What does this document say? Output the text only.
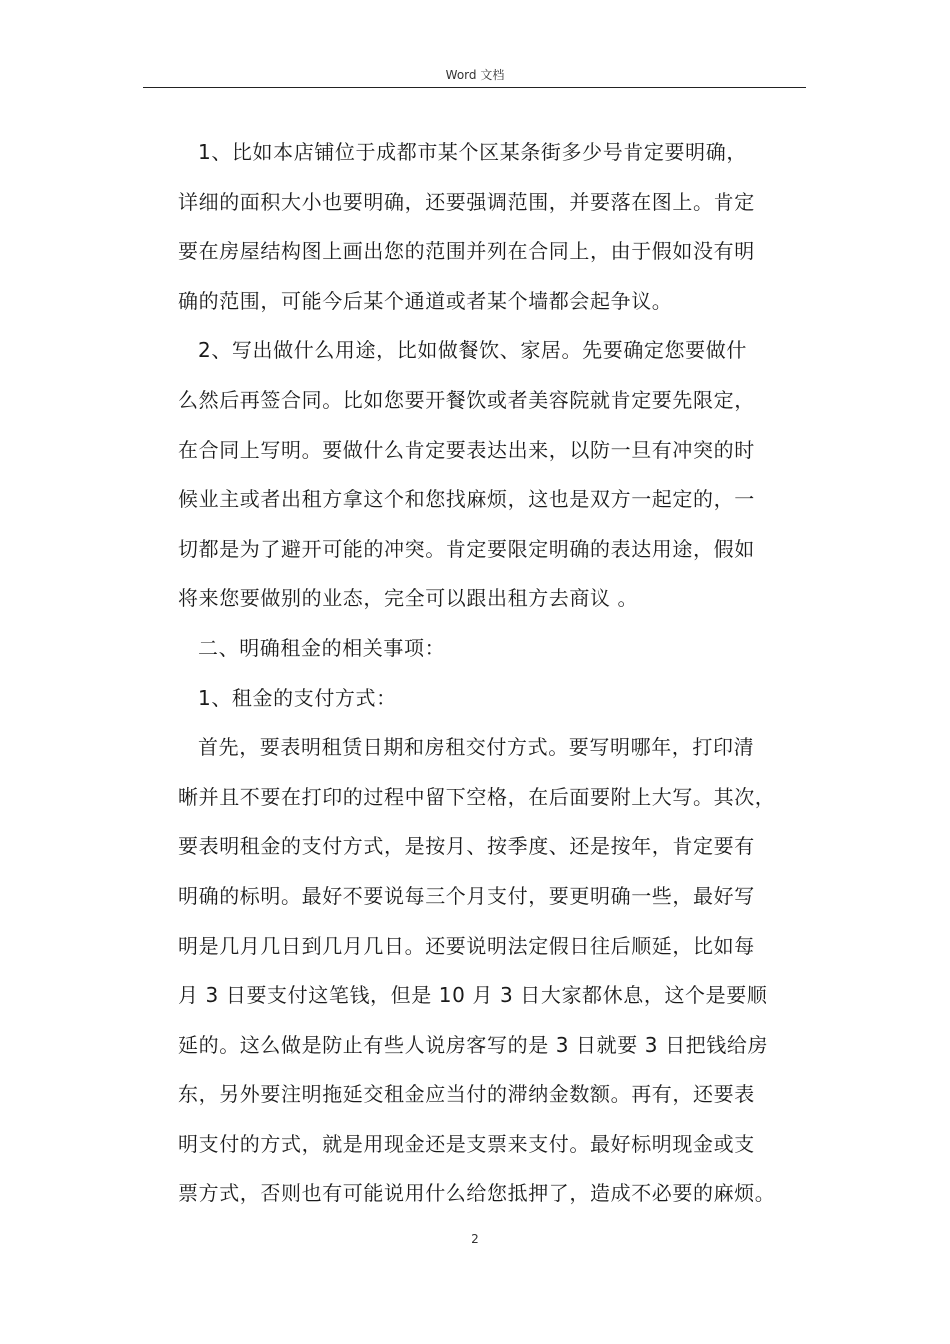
Word 文档
1、比如本店铺位于成都市某个区某条街多少号肯定要明确，
详细的面积大小也要明确，还要强调范围，并要落在图上。肯定
要在房屋结构图上画出您的范围并列在合同上，由于假如没有明
确的范围，可能今后某个通道或者某个墙都会起争议。
2、写出做什么用途，比如做餐饮、家居。先要确定您要做什
么然后再签合同。比如您要开餐饮或者美容院就肯定要先限定，
在合同上写明。要做什么肯定要表达出来，以防一旦有冲突的时
候业主或者出租方拿这个和您找麻烦，这也是双方一起定的，一
切都是为了避开可能的冲突。肯定要限定明确的表达用途，假如
将来您要做别的业态，完全可以跟出租方去商议 。
二、明确租金的相关事项：
1、租金的支付方式：
首先，要表明租赁日期和房租交付方式。要写明哪年，打印清
晰并且不要在打印的过程中留下空格，在后面要附上大写。其次，
要表明租金的支付方式，是按月、按季度、还是按年，肯定要有
明确的标明。最好不要说每三个月支付，要更明确一些，最好写
明是几月几日到几月几日。还要说明法定假日往后顺延，比如每
月 3 日要支付这笔钱，但是 10 月 3 日大家都休息，这个是要顺
延的。这么做是防止有些人说房客写的是 3 日就要 3 日把钱给房
东，另外要注明拖延交租金应当付的滞纳金数额。再有，还要表
明支付的方式，就是用现金还是支票来支付。最好标明现金或支
票方式，否则也有可能说用什么给您抵押了，造成不必要的麻烦。
2
